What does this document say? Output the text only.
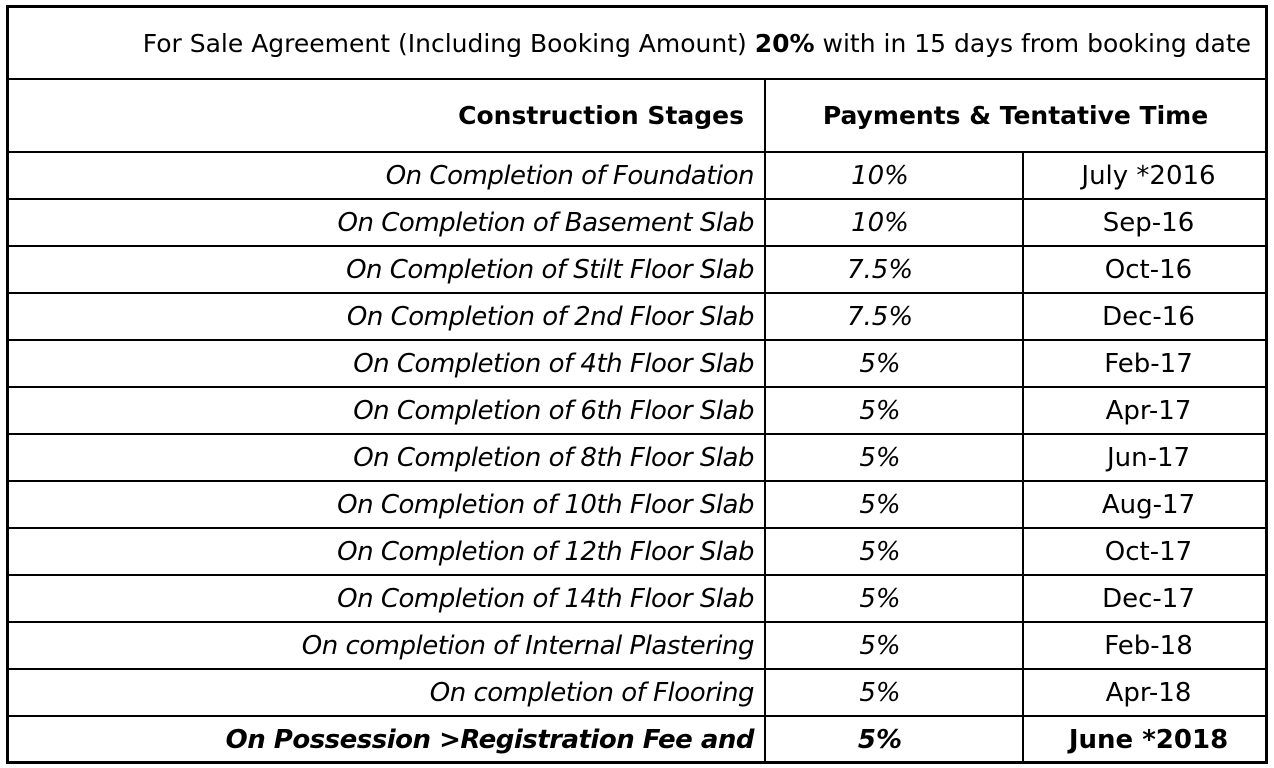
For Sale Agreement (Including Booking Amount) 20% with in 15 days from booking date		
Construction Stages	Payments & Tentative Time	
On Completion of Foundation	10%	July *2016
On Completion of Basement Slab	10%	Sep-16
On Completion of Stilt Floor Slab	7.5%	Oct-16
On Completion of 2nd Floor Slab	7.5%	Dec-16
On Completion of 4th Floor Slab	5%	Feb-17
On Completion of 6th Floor Slab	5%	Apr-17
On Completion of 8th Floor Slab	5%	Jun-17
On Completion of 10th Floor Slab	5%	Aug-17
On Completion of 12th Floor Slab	5%	Oct-17
On Completion of 14th Floor Slab	5%	Dec-17
On completion of Internal Plastering	5%	Feb-18
On completion of Flooring	5%	Apr-18
On Possession >Registration Fee and	5%	June *2018
